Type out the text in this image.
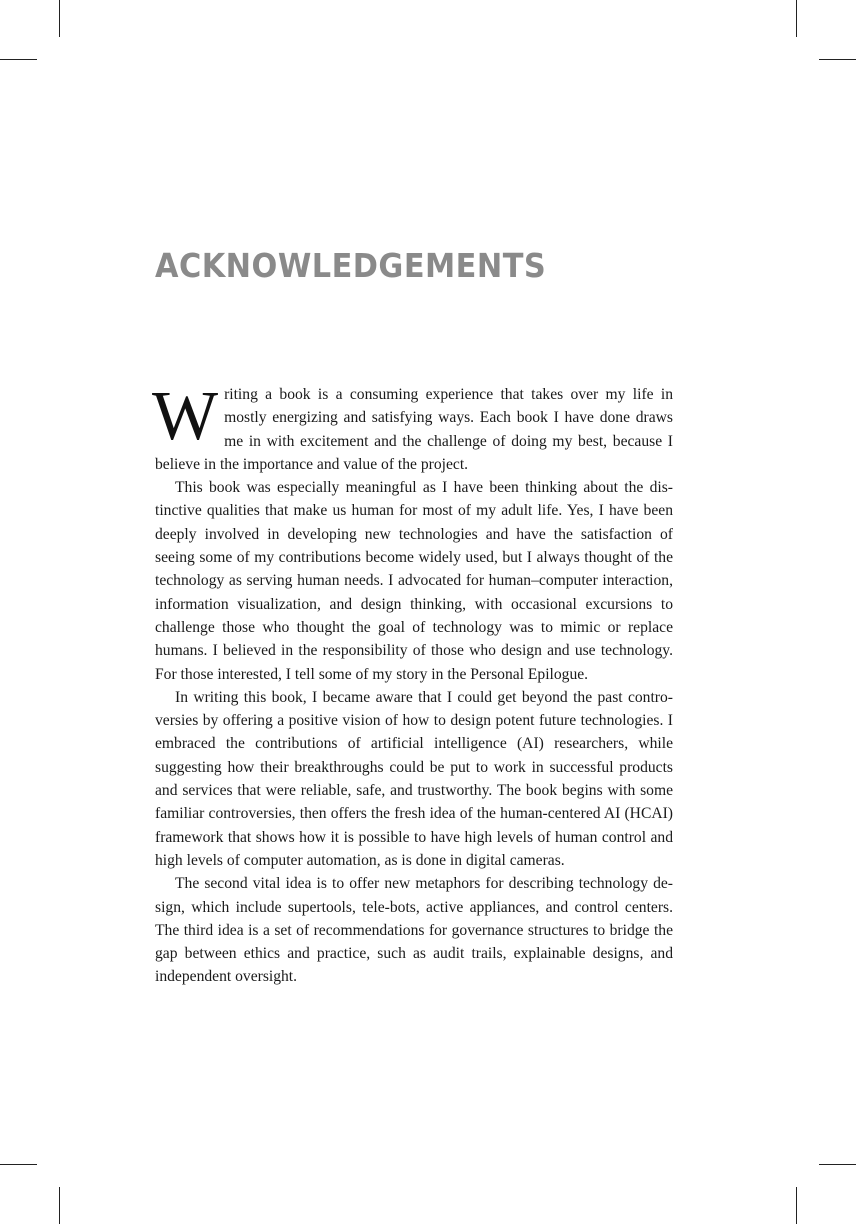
ACKNOWLEDGEMENTS

Writing a book is a consuming experience that takes over my life in mostly energizing and satisfying ways. Each book I have done draws me in with excitement and the challenge of doing my best, because I believe in the importance and value of the project.

This book was especially meaningful as I have been thinking about the distinctive qualities that make us human for most of my adult life. Yes, I have been deeply involved in developing new technologies and have the satisfaction of seeing some of my contributions become widely used, but I always thought of the technology as serving human needs. I advocated for human–computer interaction, information visualization, and design thinking, with occasional excursions to challenge those who thought the goal of technology was to mimic or replace humans. I believed in the responsibility of those who design and use technology. For those interested, I tell some of my story in the Personal Epilogue.

In writing this book, I became aware that I could get beyond the past controversies by offering a positive vision of how to design potent future technologies. I embraced the contributions of artificial intelligence (AI) researchers, while suggesting how their breakthroughs could be put to work in successful products and services that were reliable, safe, and trustworthy. The book begins with some familiar controversies, then offers the fresh idea of the human-centered AI (HCAI) framework that shows how it is possible to have high levels of human control and high levels of computer automation, as is done in digital cameras.

The second vital idea is to offer new metaphors for describing technology design, which include supertools, tele-bots, active appliances, and control centers. The third idea is a set of recommendations for governance structures to bridge the gap between ethics and practice, such as audit trails, explainable designs, and independent oversight.
